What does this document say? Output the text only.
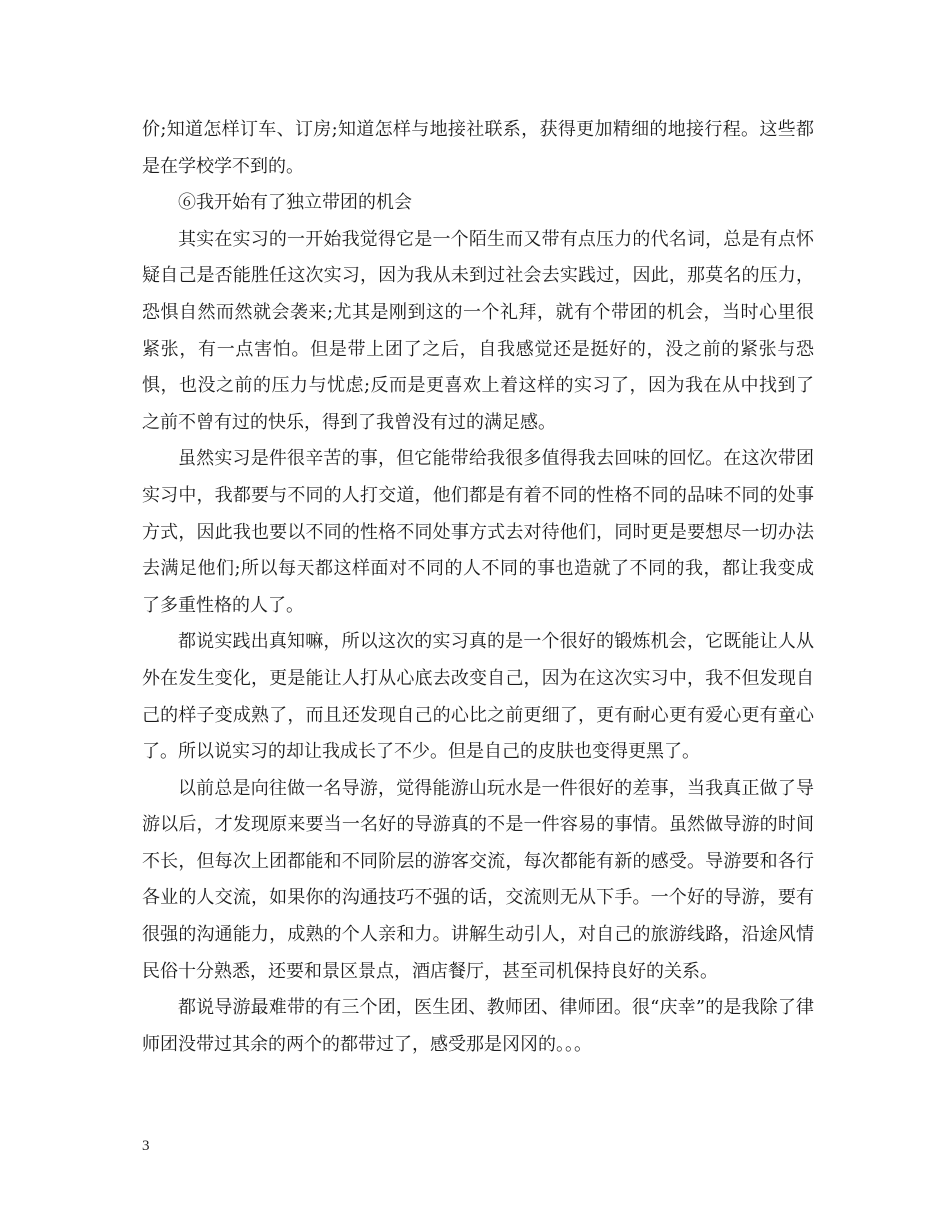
价;知道怎样订车、订房;知道怎样与地接社联系，获得更加精细的地接行程。这些都是在学校学不到的。

⑥我开始有了独立带团的机会

其实在实习的一开始我觉得它是一个陌生而又带有点压力的代名词，总是有点怀疑自己是否能胜任这次实习，因为我从未到过社会去实践过，因此，那莫名的压力，恐惧自然而然就会袭来;尤其是刚到这的一个礼拜，就有个带团的机会，当时心里很紧张，有一点害怕。但是带上团了之后，自我感觉还是挺好的，没之前的紧张与恐惧，也没之前的压力与忧虑;反而是更喜欢上着这样的实习了，因为我在从中找到了之前不曾有过的快乐，得到了我曾没有过的满足感。

虽然实习是件很辛苦的事，但它能带给我很多值得我去回味的回忆。在这次带团实习中，我都要与不同的人打交道，他们都是有着不同的性格不同的品味不同的处事方式，因此我也要以不同的性格不同处事方式去对待他们，同时更是要想尽一切办法去满足他们;所以每天都这样面对不同的人不同的事也造就了不同的我，都让我变成了多重性格的人了。

都说实践出真知嘛，所以这次的实习真的是一个很好的锻炼机会，它既能让人从外在发生变化，更是能让人打从心底去改变自己，因为在这次实习中，我不但发现自己的样子变成熟了，而且还发现自己的心比之前更细了，更有耐心更有爱心更有童心了。所以说实习的却让我成长了不少。但是自己的皮肤也变得更黑了。

以前总是向往做一名导游，觉得能游山玩水是一件很好的差事，当我真正做了导游以后，才发现原来要当一名好的导游真的不是一件容易的事情。虽然做导游的时间不长，但每次上团都能和不同阶层的游客交流，每次都能有新的感受。导游要和各行各业的人交流，如果你的沟通技巧不强的话，交流则无从下手。一个好的导游，要有很强的沟通能力，成熟的个人亲和力。讲解生动引人，对自己的旅游线路，沿途风情民俗十分熟悉，还要和景区景点，酒店餐厅，甚至司机保持良好的关系。

都说导游最难带的有三个团，医生团、教师团、律师团。很“庆幸”的是我除了律师团没带过其余的两个的都带过了，感受那是冈冈的。。。

3
